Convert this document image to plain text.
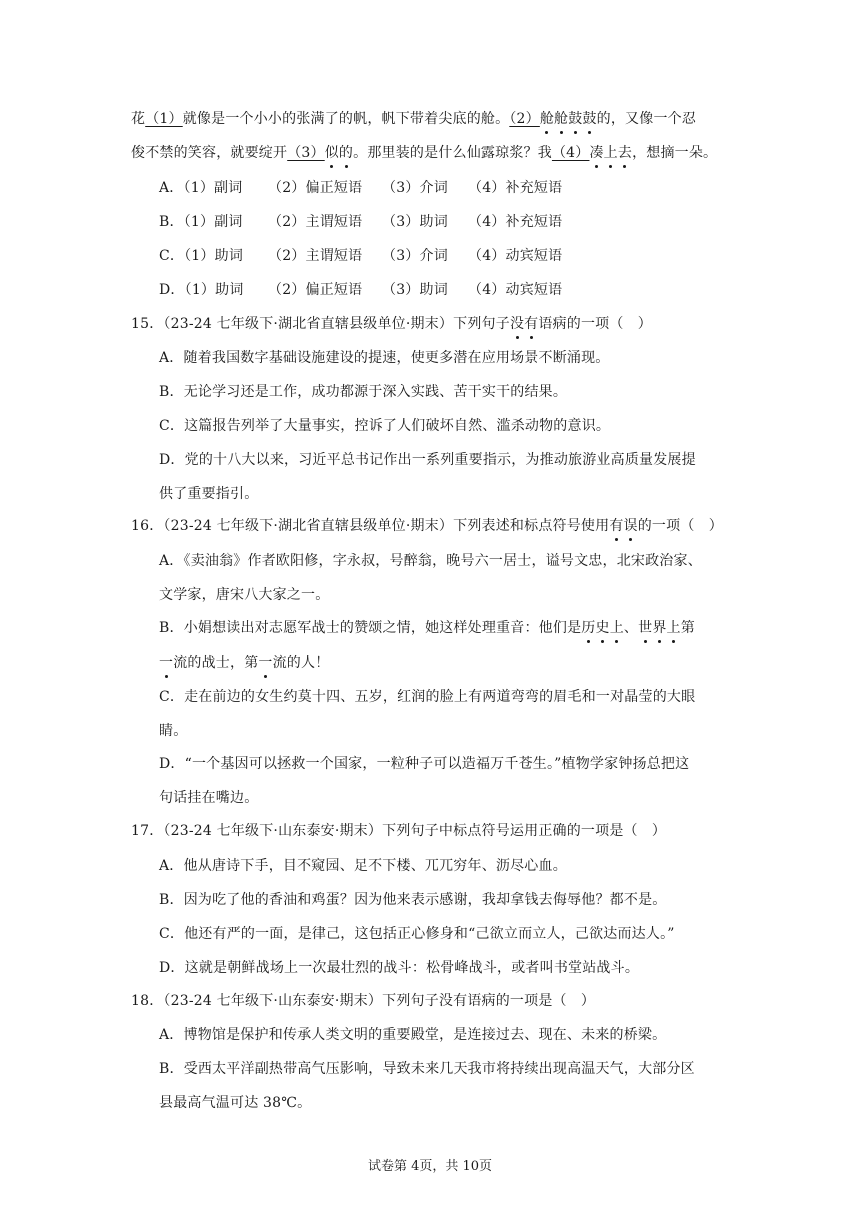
花（1）就像是一个小小的张满了的帆，帆下带着尖底的舱。（2）舱舱鼓鼓的，又像一个忍
俊不禁的笑容，就要绽开（3）似的。那里装的是什么仙露琼浆？我（4）凑上去，想摘一朵。
A．（1）副词 （2）偏正短语 （3）介词 （4）补充短语
B．（1）副词 （2）主谓短语 （3）助词 （4）补充短语
C．（1）助词 （2）主谓短语 （3）介词 （4）动宾短语
D．（1）助词 （2）偏正短语 （3）助词 （4）动宾短语
15．（23-24 七年级下·湖北省直辖县级单位·期末）下列句子没有语病的一项（　）
A．随着我国数字基础设施建设的提速，使更多潜在应用场景不断涌现。
B．无论学习还是工作，成功都源于深入实践、苦干实干的结果。
C．这篇报告列举了大量事实，控诉了人们破坏自然、滥杀动物的意识。
D．党的十八大以来，习近平总书记作出一系列重要指示，为推动旅游业高质量发展提
供了重要指引。
16．（23-24 七年级下·湖北省直辖县级单位·期末）下列表述和标点符号使用有误的一项（　）
A．《卖油翁》作者欧阳修，字永叔，号醉翁，晚号六一居士，谥号文忠，北宋政治家、
文学家，唐宋八大家之一。
B．小娟想读出对志愿军战士的赞颂之情，她这样处理重音：他们是历史上、世界上第
一流的战士，第一流的人！
C．走在前边的女生约莫十四、五岁，红润的脸上有两道弯弯的眉毛和一对晶莹的大眼
睛。
D．“一个基因可以拯救一个国家，一粒种子可以造福万千苍生。”植物学家钟扬总把这
句话挂在嘴边。
17．（23-24 七年级下·山东泰安·期末）下列句子中标点符号运用正确的一项是（　）
A．他从唐诗下手，目不窥园、足不下楼、兀兀穷年、沥尽心血。
B．因为吃了他的香油和鸡蛋？因为他来表示感谢，我却拿钱去侮辱他？都不是。
C．他还有严的一面，是律己，这包括正心修身和“己欲立而立人，己欲达而达人。”
D．这就是朝鲜战场上一次最壮烈的战斗：松骨峰战斗，或者叫书堂站战斗。
18．（23-24 七年级下·山东泰安·期末）下列句子没有语病的一项是（　）
A．博物馆是保护和传承人类文明的重要殿堂，是连接过去、现在、未来的桥梁。
B．受西太平洋副热带高气压影响，导致未来几天我市将持续出现高温天气，大部分区
县最高气温可达 38℃。
试卷第 4页，共 10页
